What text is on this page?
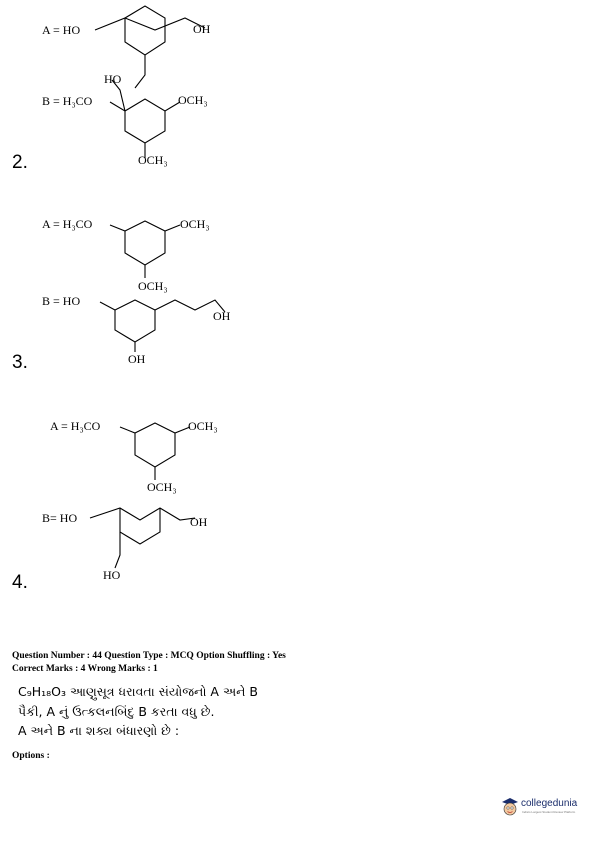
A = HO	OH
HO
B = H₃CO	OCH₃
OCH₃
A = H₃CO	OCH₃
OCH₃
B = HO
OH
OH
A = H₃CO	OCH₃
OCH₃
B= HO	OH
HO
2.
3.
4.
Question Number : 44 Question Type : MCQ Option Shuffling : Yes
Correct Marks : 4 Wrong Marks : 1
C₉H₁₈O₃ આણુસૂત્ર ધરાવતા સંયોજનો A અને B
પૈકી, A નું ઉત્કલનબિંદુ B કરતા વધુ છે.
A અને B ના શક્ય બંધારણો છે :
Options :
collegedunia
India's Largest Student Review Platform
